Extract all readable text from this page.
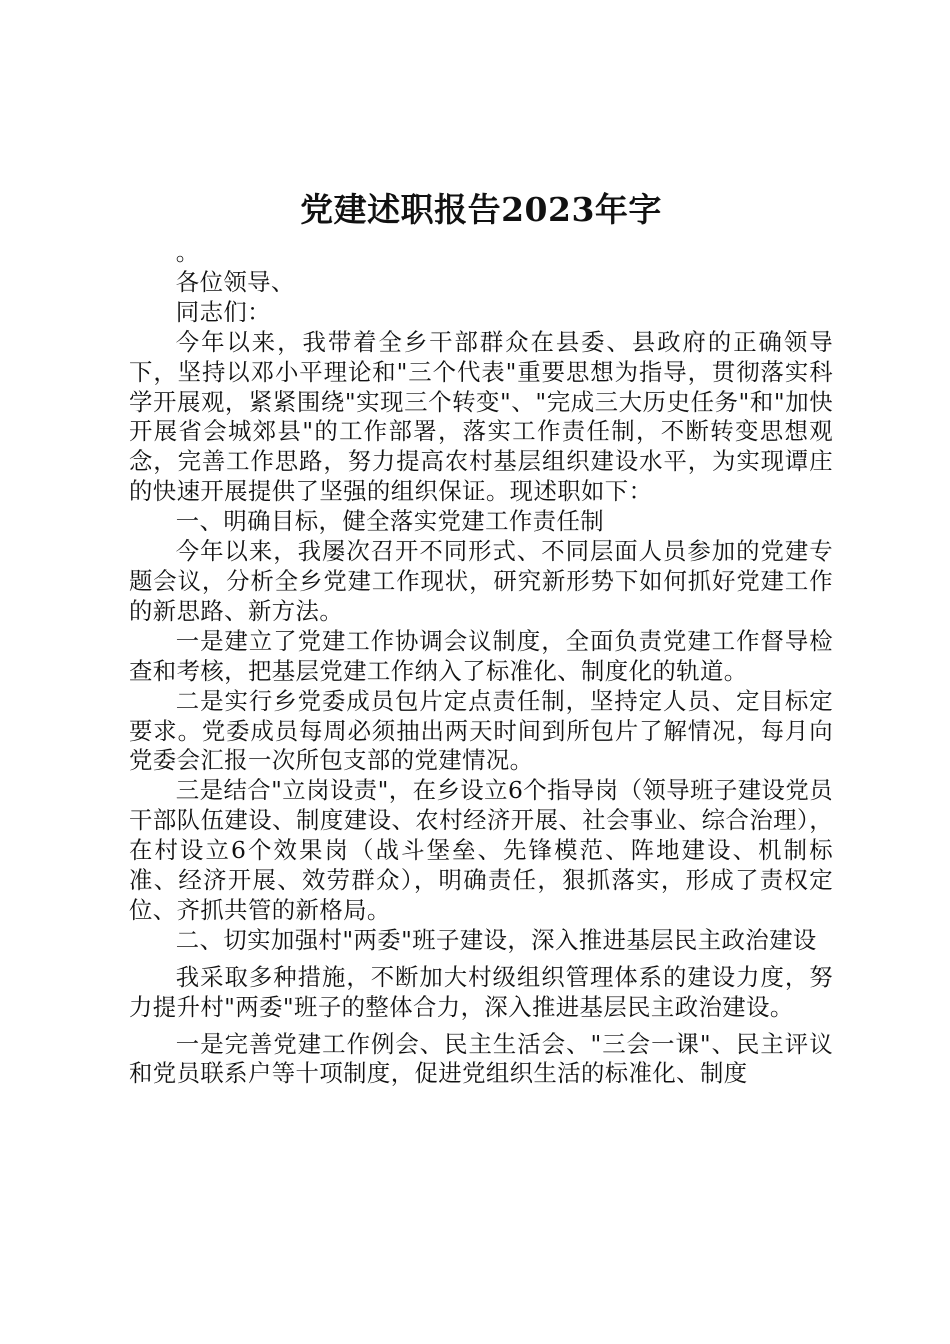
党建述职报告2023年字

。

各位领导、

同志们：

今年以来，我带着全乡干部群众在县委、县政府的正确领导下，坚持以邓小平理论和"三个代表"重要思想为指导，贯彻落实科学开展观，紧紧围绕"实现三个转变"、"完成三大历史任务"和"加快开展省会城郊县"的工作部署，落实工作责任制，不断转变思想观念，完善工作思路，努力提高农村基层组织建设水平，为实现谭庄的快速开展提供了坚强的组织保证。现述职如下：

一、明确目标，健全落实党建工作责任制

今年以来，我屡次召开不同形式、不同层面人员参加的党建专题会议，分析全乡党建工作现状，研究新形势下如何抓好党建工作的新思路、新方法。

一是建立了党建工作协调会议制度，全面负责党建工作督导检查和考核，把基层党建工作纳入了标准化、制度化的轨道。

二是实行乡党委成员包片定点责任制，坚持定人员、定目标定要求。党委成员每周必须抽出两天时间到所包片了解情况，每月向党委会汇报一次所包支部的党建情况。

三是结合"立岗设责"，在乡设立6个指导岗（领导班子建设党员干部队伍建设、制度建设、农村经济开展、社会事业、综合治理），在村设立6个效果岗（战斗堡垒、先锋模范、阵地建设、机制标准、经济开展、效劳群众），明确责任，狠抓落实，形成了责权定位、齐抓共管的新格局。

二、切实加强村"两委"班子建设，深入推进基层民主政治建设

我采取多种措施，不断加大村级组织管理体系的建设力度，努力提升村"两委"班子的整体合力，深入推进基层民主政治建设。

一是完善党建工作例会、民主生活会、"三会一课"、民主评议和党员联系户等十项制度，促进党组织生活的标准化、制度
